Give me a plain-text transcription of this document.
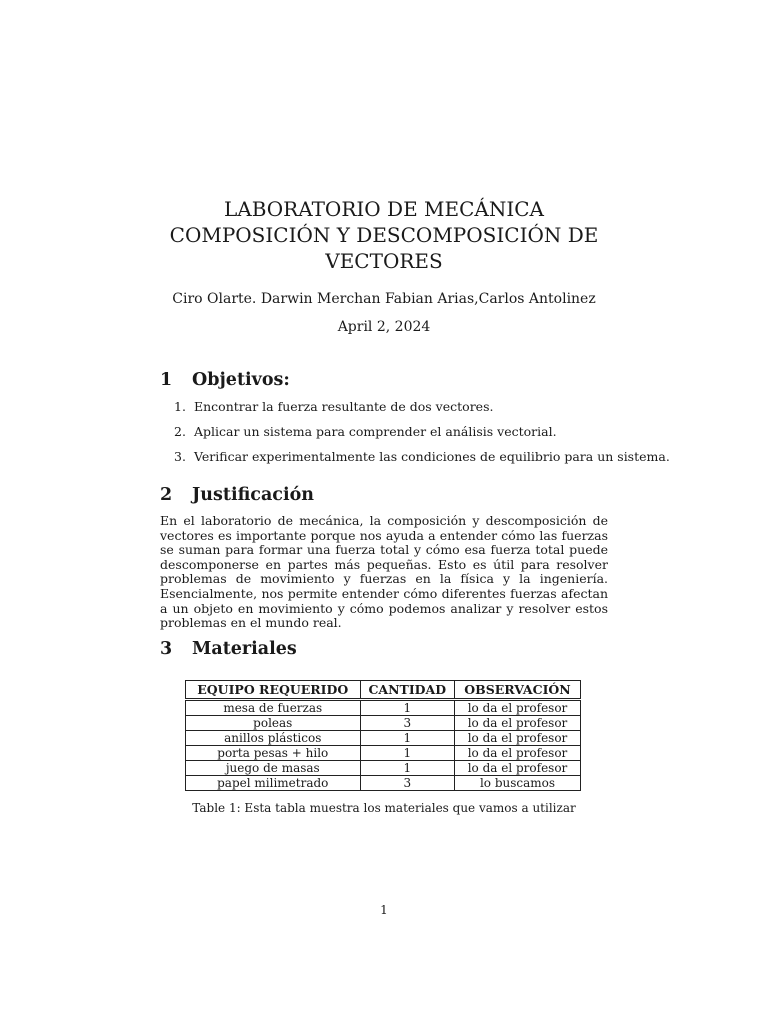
LABORATORIO DE MECÁNICA
COMPOSICIÓN Y DESCOMPOSICIÓN DE
VECTORES
Ciro Olarte. Darwin Merchan Fabian Arias,Carlos Antolinez
April 2, 2024
1 Objetivos:
1. Encontrar la fuerza resultante de dos vectores.
2. Aplicar un sistema para comprender el análisis vectorial.
3. Verificar experimentalmente las condiciones de equilibrio para un sistema.
2 Justificación
En el laboratorio de mecánica, la composición y descomposición de vectores es importante porque nos ayuda a entender cómo las fuerzas se suman para formar una fuerza total y cómo esa fuerza total puede descomponerse en partes más pequeñas. Esto es útil para resolver problemas de movimiento y fuerzas en la física y la ingeniería. Esencialmente, nos permite entender cómo diferentes fuerzas afectan a un objeto en movimiento y cómo podemos analizar y resolver estos problemas en el mundo real.
3 Materiales
EQUIPO REQUERIDO	CANTIDAD	OBSERVACIÓN
mesa de fuerzas	1	lo da el profesor
poleas	3	lo da el profesor
anillos plásticos	1	lo da el profesor
porta pesas + hilo	1	lo da el profesor
juego de masas	1	lo da el profesor
papel milimetrado	3	lo buscamos
Table 1: Esta tabla muestra los materiales que vamos a utilizar
1
